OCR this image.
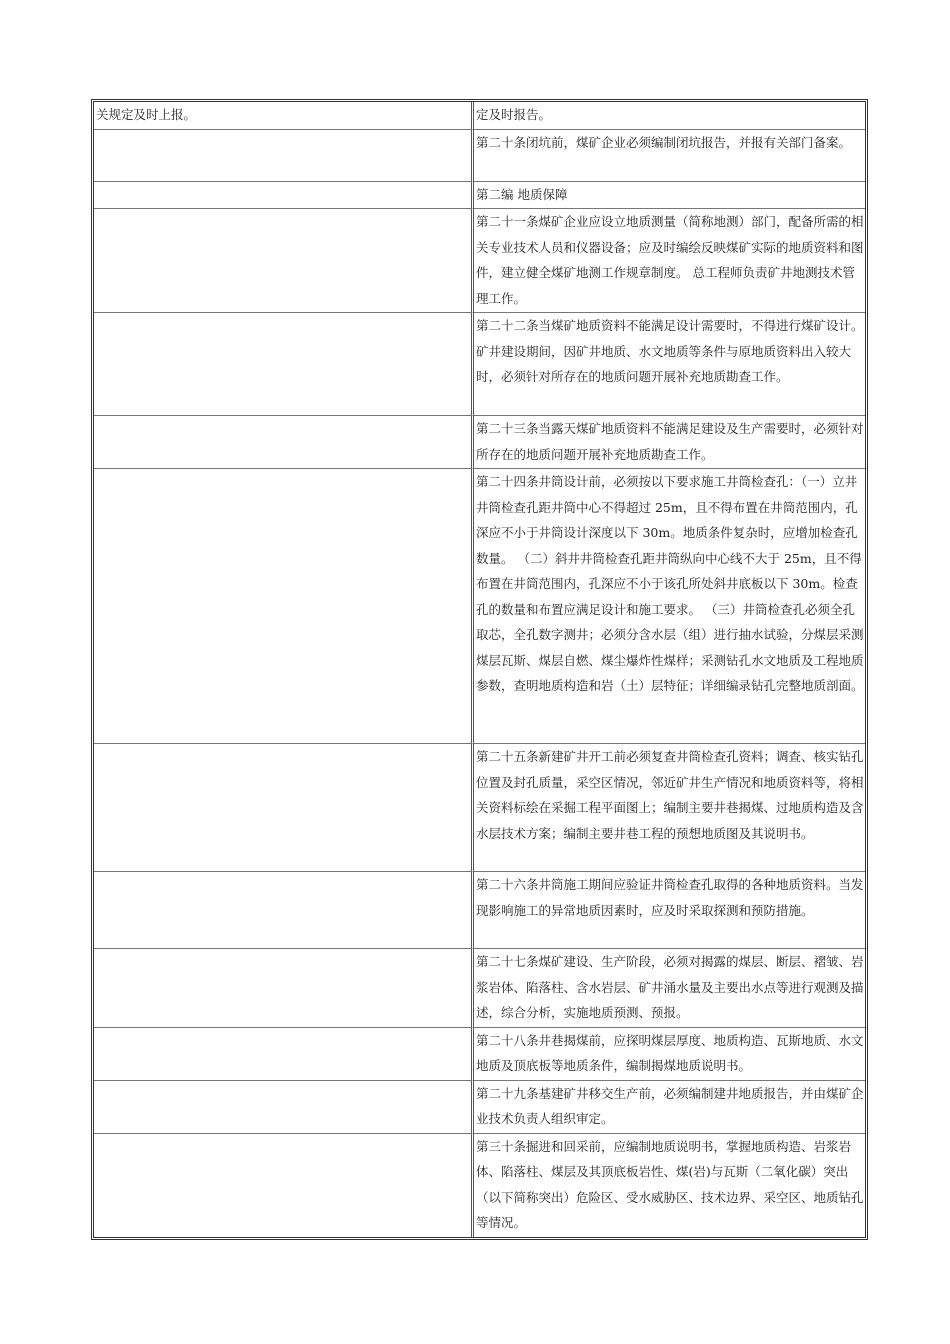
关规定及时上报。	定及时报告。

	第二十条闭坑前，煤矿企业必须编制闭坑报告，并报有关部门备案。

	第二编 地质保障

	第二十一条煤矿企业应设立地质测量（简称地测）部门，配备所需的相关专业技术人员和仪器设备；应及时编绘反映煤矿实际的地质资料和图件，建立健全煤矿地测工作规章制度。 总工程师负责矿井地测技术管理工作。

	第二十二条当煤矿地质资料不能满足设计需要时，不得进行煤矿设计。矿井建设期间，因矿井地质、水文地质等条件与原地质资料出入较大时，必须针对所存在的地质问题开展补充地质勘查工作。

	第二十三条当露天煤矿地质资料不能满足建设及生产需要时，必须针对所存在的地质问题开展补充地质勘查工作。

	第二十四条井筒设计前，必须按以下要求施工井筒检查孔：（一）立井井筒检查孔距井筒中心不得超过 25m，且不得布置在井筒范围内，孔深应不小于井筒设计深度以下 30m。地质条件复杂时，应增加检查孔数量。 （二）斜井井筒检查孔距井筒纵向中心线不大于 25m，且不得布置在井筒范围内，孔深应不小于该孔所处斜井底板以下 30m。检查孔的数量和布置应满足设计和施工要求。 （三）井筒检查孔必须全孔取芯，全孔数字测井；必须分含水层（组）进行抽水试验，分煤层采测煤层瓦斯、煤层自燃、煤尘爆炸性煤样；采测钻孔水文地质及工程地质参数，查明地质构造和岩（土）层特征；详细编录钻孔完整地质剖面。

	第二十五条新建矿井开工前必须复查井筒检查孔资料；调查、核实钻孔位置及封孔质量，采空区情况，邻近矿井生产情况和地质资料等，将相关资料标绘在采掘工程平面图上；编制主要井巷揭煤、过地质构造及含水层技术方案；编制主要井巷工程的预想地质图及其说明书。

	第二十六条井筒施工期间应验证井筒检查孔取得的各种地质资料。当发现影响施工的异常地质因素时，应及时采取探测和预防措施。

	第二十七条煤矿建设、生产阶段，必须对揭露的煤层、断层、褶皱、岩浆岩体、陷落柱、含水岩层、矿井涌水量及主要出水点等进行观测及描述，综合分析，实施地质预测、预报。

	第二十八条井巷揭煤前，应探明煤层厚度、地质构造、瓦斯地质、水文地质及顶底板等地质条件，编制揭煤地质说明书。

	第二十九条基建矿井移交生产前，必须编制建井地质报告，并由煤矿企业技术负责人组织审定。

	第三十条掘进和回采前，应编制地质说明书，掌握地质构造、岩浆岩体、陷落柱、煤层及其顶底板岩性、煤(岩)与瓦斯（二氧化碳）突出（以下简称突出）危险区、受水威胁区、技术边界、采空区、地质钻孔等情况。
